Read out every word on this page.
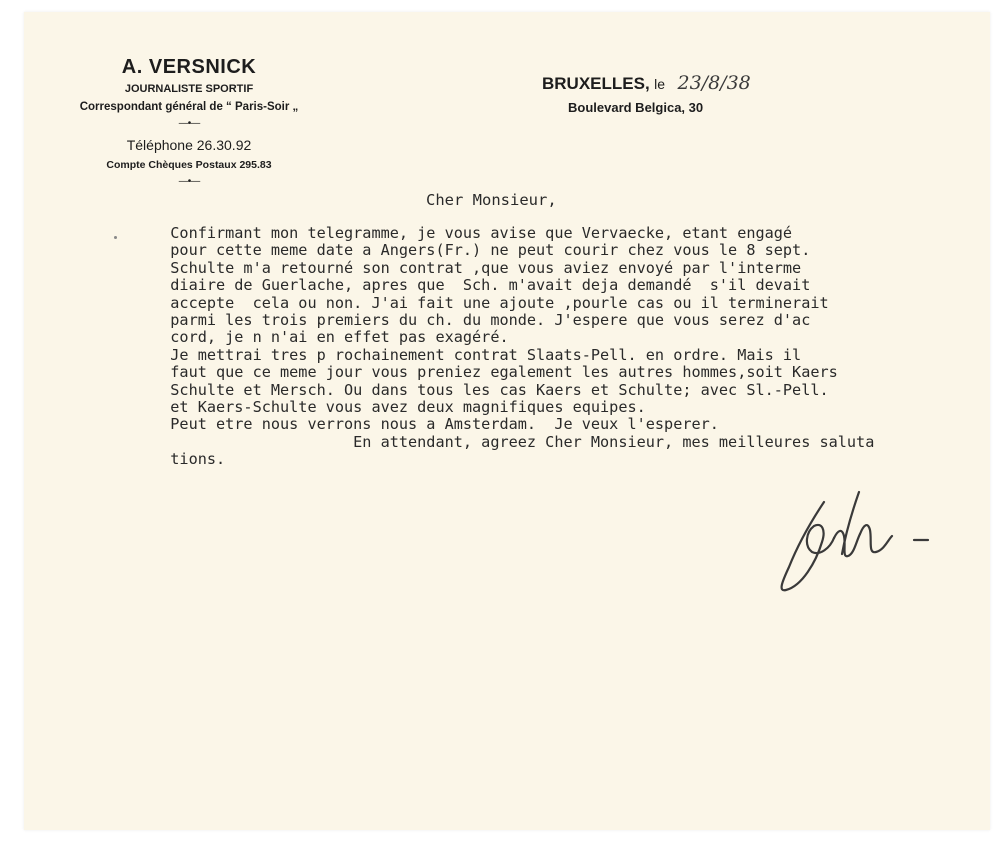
A. VERSNICK
JOURNALISTE SPORTIF
Correspondant général de “ Paris-Soir „
—•—
Téléphone 26.30.92
Compte Chèques Postaux 295.83
—•—
BRUXELLES, le 23/8/38
Boulevard Belgica, 30
Cher Monsieur,
Confirmant mon telegramme, je vous avise que Vervaecke, etant engagé
pour cette meme date a Angers(Fr.) ne peut courir chez vous le 8 sept.
Schulte m'a retourné son contrat ,que vous aviez envoyé par l'interme
diaire de Guerlache, apres que  Sch. m'avait deja demandé  s'il devait
accepte  cela ou non. J'ai fait une ajoute ,pourle cas ou il terminerait
parmi les trois premiers du ch. du monde. J'espere que vous serez d'ac
cord, je n n'ai en effet pas exagéré.
Je mettrai tres p rochainement contrat Slaats-Pell. en ordre. Mais il
faut que ce meme jour vous preniez egalement les autres hommes,soit Kaers
Schulte et Mersch. Ou dans tous les cas Kaers et Schulte; avec Sl.-Pell.
et Kaers-Schulte vous avez deux magnifiques equipes.
Peut etre nous verrons nous a Amsterdam.  Je veux l'esperer.
En attendant, agreez Cher Monsieur, mes meilleures saluta
tions.
